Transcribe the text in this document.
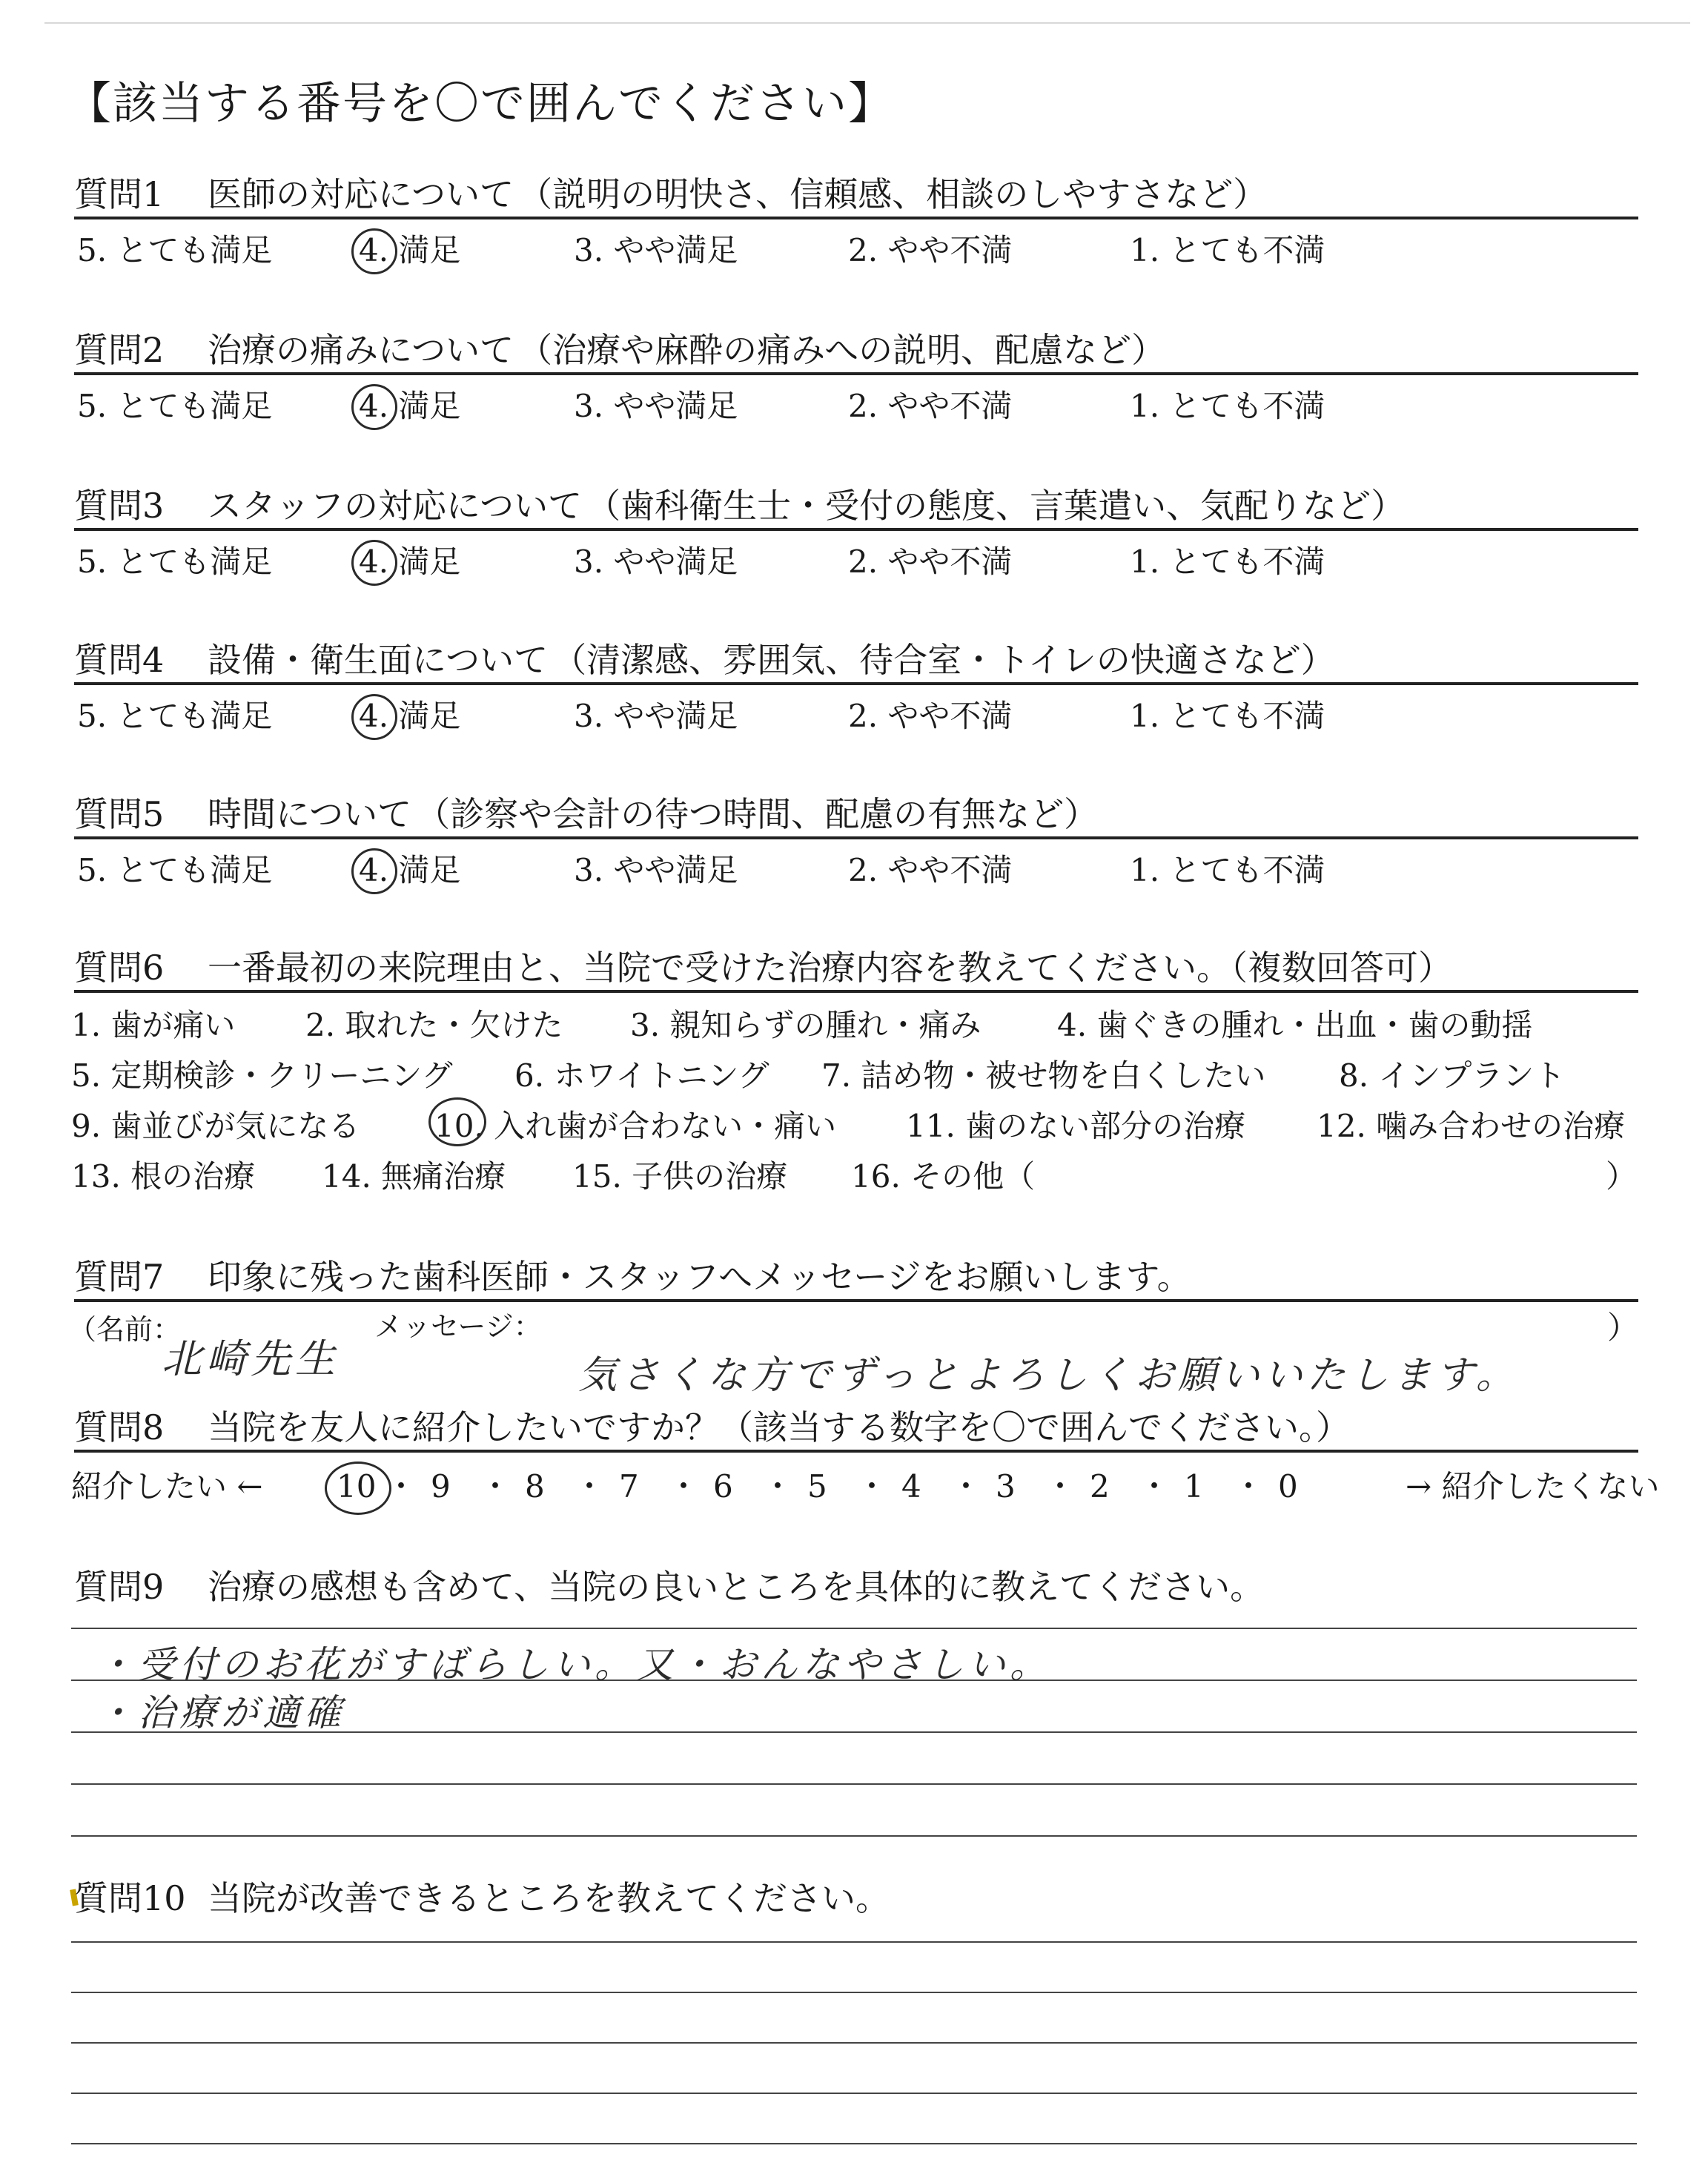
【該当する番号を〇で囲んでください】
質問1 医師の対応について （説明の明快さ、信頼感、相談のしやすさなど）
5. とても満足	4. 満足	3. やや満足	2. やや不満	1. とても不満
質問2 治療の痛みについて （治療や麻酔の痛みへの説明、配慮など）
5. とても満足	4. 満足	3. やや満足	2. やや不満	1. とても不満
質問3 スタッフの対応について （歯科衛生士・受付の態度、言葉遣い、気配りなど）
5. とても満足	4. 満足	3. やや満足	2. やや不満	1. とても不満
質問4 設備・衛生面について （清潔感、雰囲気、待合室・トイレの快適さなど）
5. とても満足	4. 満足	3. やや満足	2. やや不満	1. とても不満
質問5 時間について （診察や会計の待つ時間、配慮の有無など）
5. とても満足	4. 満足	3. やや満足	2. やや不満	1. とても不満
質問6 一番最初の来院理由と、当院で受けた治療内容を教えてください。（複数回答可）
1. 歯が痛い 2. 取れた・欠けた 3. 親知らずの腫れ・痛み 4. 歯ぐきの腫れ・出血・歯の動揺
5. 定期検診・クリーニング 6. ホワイトニング 7. 詰め物・被せ物を白くしたい 8. インプラント
9. 歯並びが気になる 10. 入れ歯が合わない・痛い 11. 歯のない部分の治療 12. 噛み合わせの治療
13. 根の治療 14. 無痛治療 15. 子供の治療 16. その他（	）
質問7 印象に残った歯科医師・スタッフへメッセージをお願いします。
（名前：	メッセージ：	）
北崎先生	気さくな方でずっとよろしくお願いいたします。
質問8 当院を友人に紹介したいですか？（該当する数字を〇で囲んでください。）
紹介したい ←	→ 紹介したくない
10 ・ 9 ・ 8 ・ 7 ・ 6 ・ 5 ・ 4 ・ 3 ・ 2 ・ 1 ・ 0
質問9 治療の感想も含めて、当院の良いところを具体的に教えてください。
・受付のお花がすばらしい。又・おんなやさしい。
・治療が適確
質問10 当院が改善できるところを教えてください。
